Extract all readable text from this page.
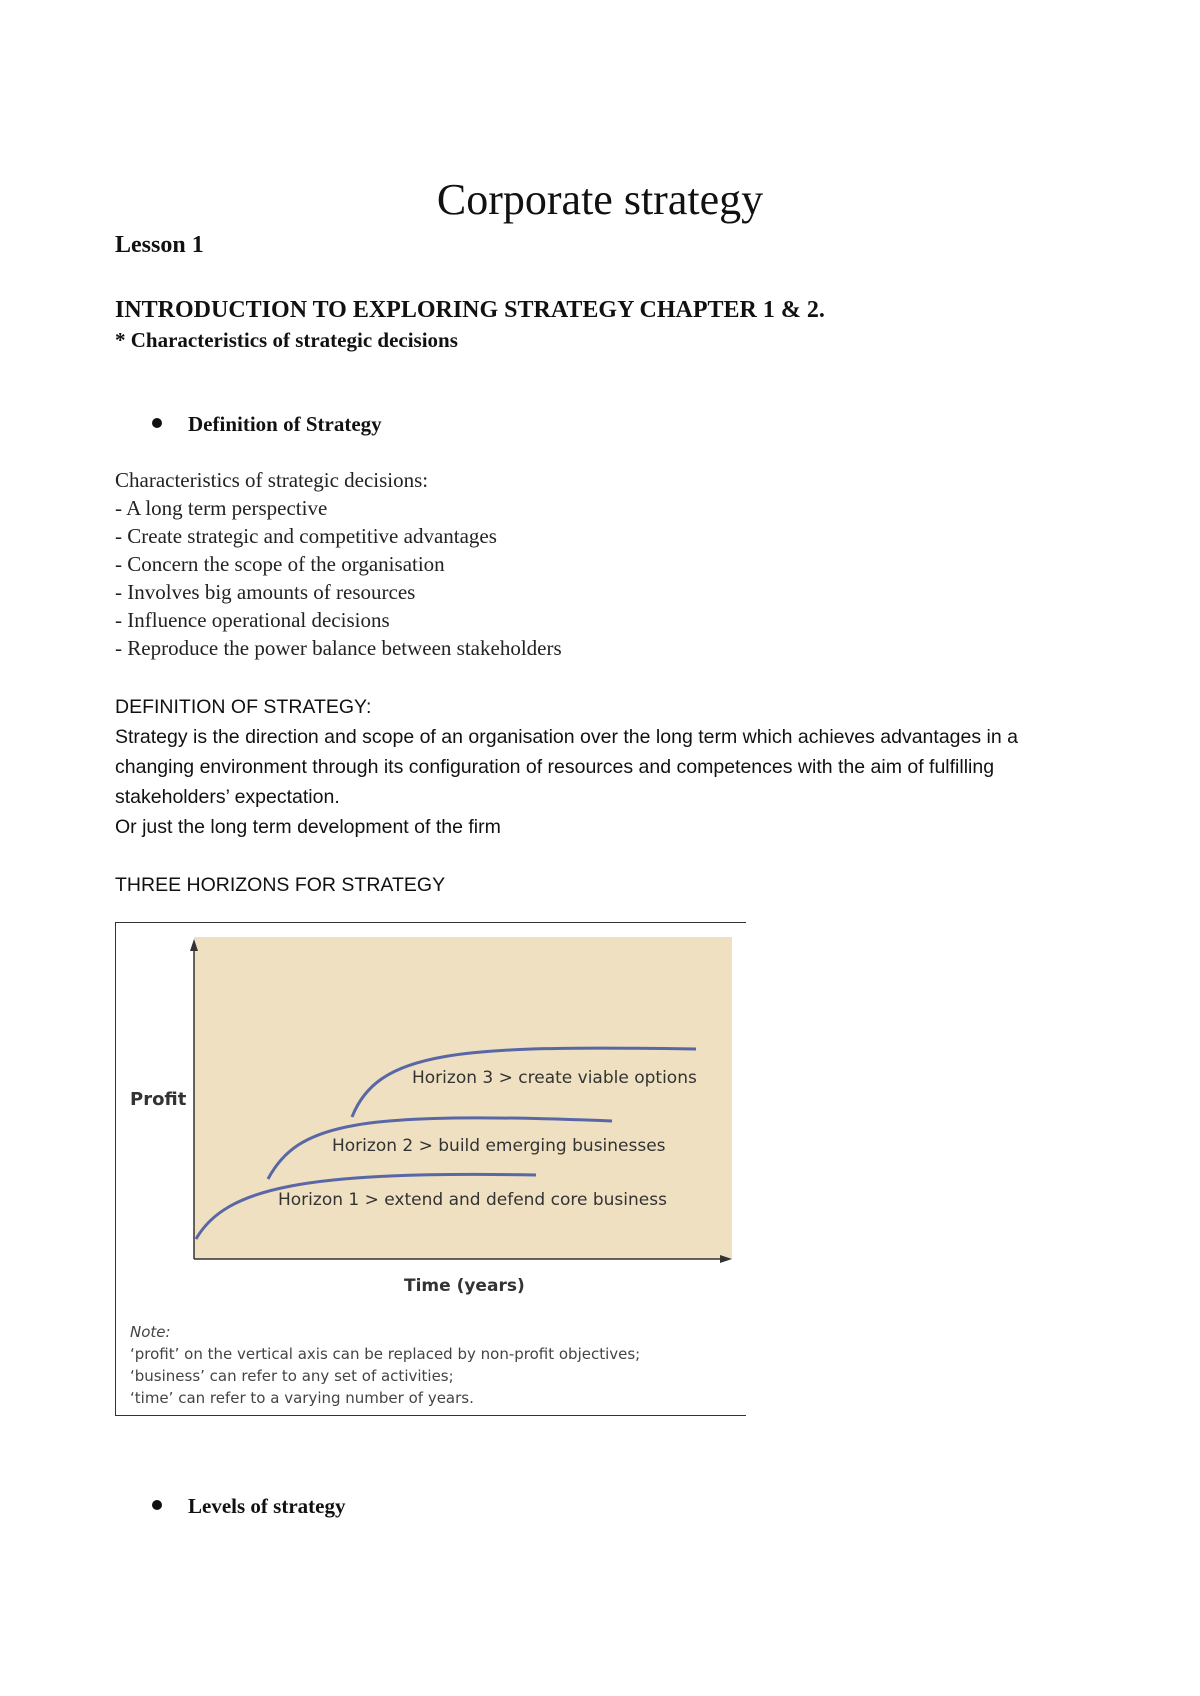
Corporate strategy
Lesson 1
INTRODUCTION TO EXPLORING STRATEGY CHAPTER 1 & 2.
* Characteristics of strategic decisions
Definition of Strategy
Characteristics of strategic decisions:
- A long term perspective
- Create strategic and competitive advantages
- Concern the scope of the organisation
- Involves big amounts of resources
- Influence operational decisions
- Reproduce the power balance between stakeholders
DEFINITION OF STRATEGY:

Strategy is the direction and scope of an organisation over the long term which achieves advantages in a changing environment through its configuration of resources and competences with the aim of fulfilling stakeholders’ expectation.

Or just the long term development of the firm

THREE HORIZONS FOR STRATEGY
Profit
Horizon 3 > create viable options
Horizon 2 > build emerging businesses
Horizon 1 > extend and defend core business
Time (years)
Note:
‘profit’ on the vertical axis can be replaced by non-profit objectives;
‘business’ can refer to any set of activities;
‘time’ can refer to a varying number of years.
Levels of strategy
